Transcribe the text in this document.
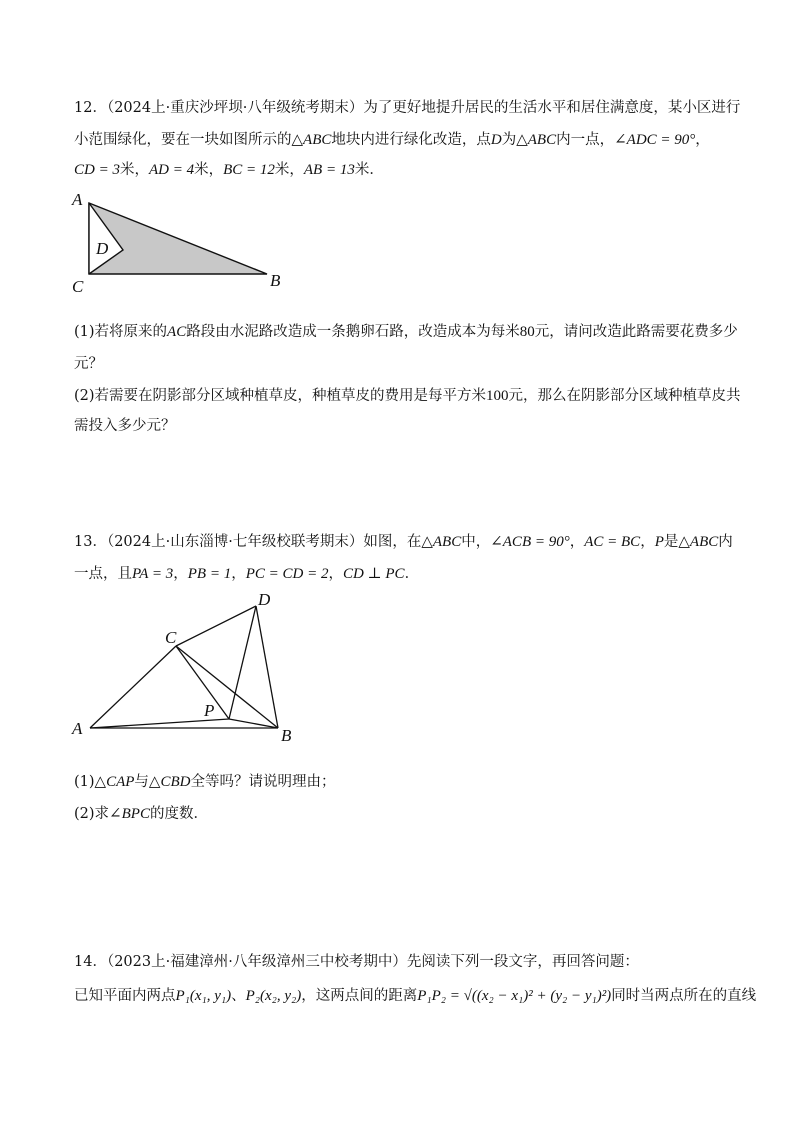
12．（2024上·重庆沙坪坝·八年级统考期末）为了更好地提升居民的生活水平和居住满意度，某小区进行
小范围绿化，要在一块如图所示的△ABC地块内进行绿化改造，点D为△ABC内一点，∠ADC = 90°，
CD = 3米，AD = 4米，BC = 12米，AB = 13米．
A
D
C	B
D
C
P
A	B
(1)若将原来的AC路段由水泥路改造成一条鹅卵石路，改造成本为每米80元，请问改造此路需要花费多少
元？
(2)若需要在阴影部分区域种植草皮，种植草皮的费用是每平方米100元，那么在阴影部分区域种植草皮共
需投入多少元？
13．（2024上·山东淄博·七年级校联考期末）如图，在△ABC中，∠ACB = 90°，AC = BC，P是△ABC内
一点，且PA = 3，PB = 1，PC = CD = 2，CD ⊥ PC．
(1)△CAP与△CBD全等吗？请说明理由；
(2)求∠BPC的度数．
14．（2023上·福建漳州·八年级漳州三中校考期中）先阅读下列一段文字，再回答问题：
已知平面内两点P₁(x₁, y₁)、P₂(x₂, y₂)，这两点间的距离P₁P₂ = √((x₂ − x₁)² + (y₂ − y₁)²)同时当两点所在的直线
